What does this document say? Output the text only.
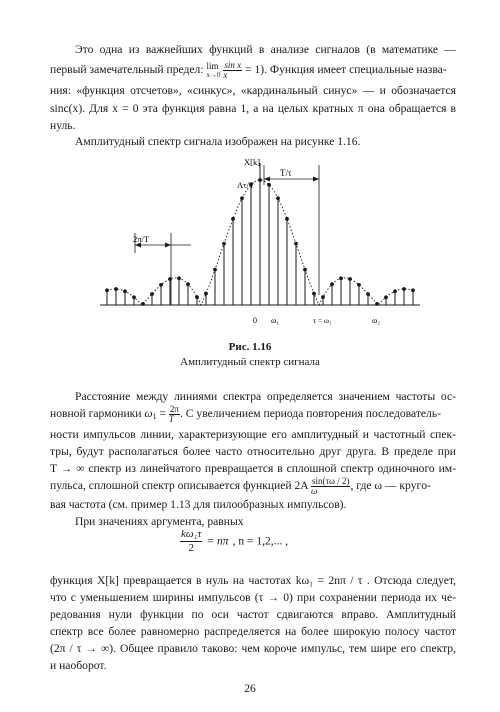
Это одна из важнейших функций в анализе сигналов (в математике —
первый замечательный предел: lim
x→0
$\frac{\text{sin x}}{x} = 1$). Функция имеет специальные назва-
ния: «функция отсчетов», «синкус», «кардинальный синус» — и обозначается
sinc(x). Для x = 0 эта функция равна 1, а на целых кратных π она обращается в
нуль.
Амплитудный спектр сигнала изображен на рисунке 1.16.
T/τ
2π/T
X[k]
Aτ/T
0 ω₁	τ = ω₁	ω₂
Рис. 1.16
Амплитудный спектр сигнала
Расстояние между линиями спектра определяется значением частоты ос-
новной гармоники $\omega_1 = \frac{2\pi}{T}$ . С увеличением периода повторения последователь-
ности импульсов линии, характеризующие его амплитудный и частотный спек-
тры, будут располагаться более часто относительно друг друга. В пределе при
T → ∞ спектр из линейчатого превращается в сплошной спектр одиночного им-
пульса, сплошной спектр описывается функцией $2A \frac{\sin(\tau\omega / 2)}{\omega}$ , где ω — кругo-
вая частота (см. пример 1.13 для пилообразных импульсов).
При значениях аргумента, равных
$\frac{\text{kω₁τ}}{2} = n\pi$ , n = 1,2,... ,
функция X[k] превращается в нуль на частотах kω₁ = 2nπ / τ . Отсюда следует,
что с уменьшением ширины импульсов (τ → 0) при сохранении периода их че-
редования нули функции по оси частот сдвигаются вправо. Амплитудный
спектр все более равномерно распределяется на более широкую полосу частот
(2π / τ → ∞). Общее правило таково: чем короче импульс, тем шире его спектр,
и наоборот.
26
